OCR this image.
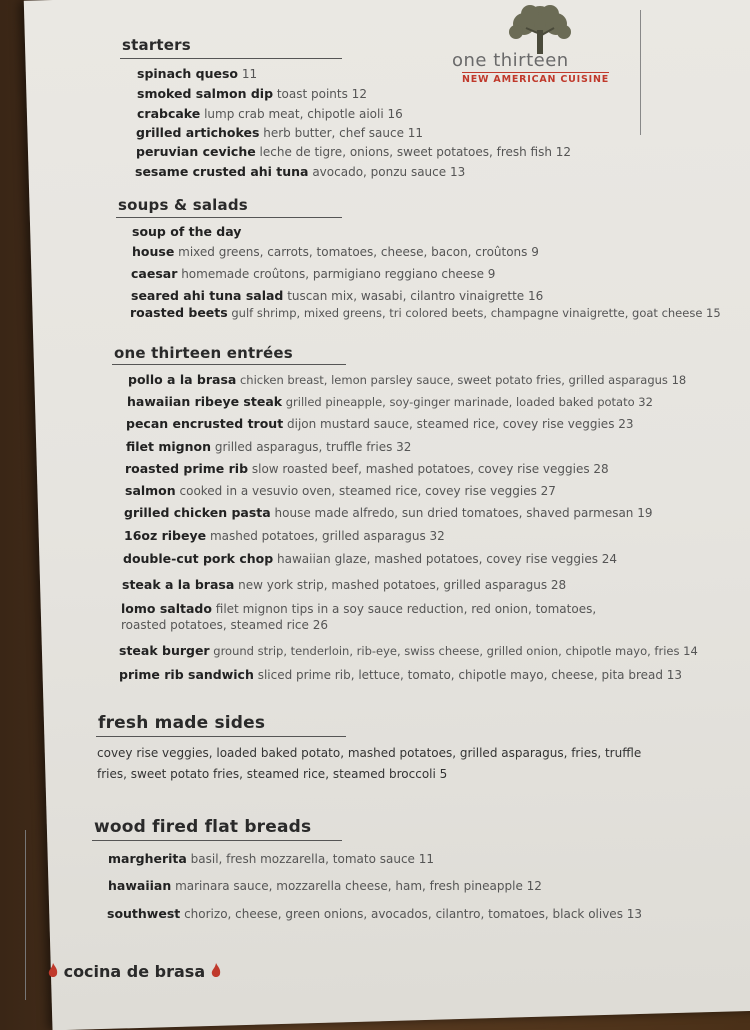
one thirteen
NEW AMERICAN CUISINE
starters
spinach queso 11
smoked salmon dip toast points 12
crabcake lump crab meat, chipotle aioli 16
grilled artichokes herb butter, chef sauce 11
peruvian ceviche leche de tigre, onions, sweet potatoes, fresh fish 12
sesame crusted ahi tuna avocado, ponzu sauce 13
soups & salads
soup of the day
house mixed greens, carrots, tomatoes, cheese, bacon, croûtons 9
caesar homemade croûtons, parmigiano reggiano cheese 9
seared ahi tuna salad tuscan mix, wasabi, cilantro vinaigrette 16
roasted beets gulf shrimp, mixed greens, tri colored beets, champagne vinaigrette, goat cheese 15
one thirteen entrées
pollo a la brasa chicken breast, lemon parsley sauce, sweet potato fries, grilled asparagus 18
hawaiian ribeye steak grilled pineapple, soy-ginger marinade, loaded baked potato 32
pecan encrusted trout dijon mustard sauce, steamed rice, covey rise veggies 23
filet mignon grilled asparagus, truffle fries 32
roasted prime rib slow roasted beef, mashed potatoes, covey rise veggies 28
salmon cooked in a vesuvio oven, steamed rice, covey rise veggies 27
grilled chicken pasta house made alfredo, sun dried tomatoes, shaved parmesan 19
16oz ribeye mashed potatoes, grilled asparagus 32
double-cut pork chop hawaiian glaze, mashed potatoes, covey rise veggies 24
steak a la brasa new york strip, mashed potatoes, grilled asparagus 28
lomo saltado filet mignon tips in a soy sauce reduction, red onion, tomatoes, roasted potatoes, steamed rice 26
steak burger ground strip, tenderloin, rib-eye, swiss cheese, grilled onion, chipotle mayo, fries 14
prime rib sandwich sliced prime rib, lettuce, tomato, chipotle mayo, cheese, pita bread 13
fresh made sides
covey rise veggies, loaded baked potato, mashed potatoes, grilled asparagus, fries, truffle fries, sweet potato fries, steamed rice, steamed broccoli 5
wood fired flat breads
margherita basil, fresh mozzarella, tomato sauce 11
hawaiian marinara sauce, mozzarella cheese, ham, fresh pineapple 12
southwest chorizo, cheese, green onions, avocados, cilantro, tomatoes, black olives 13
cocina de brasa
